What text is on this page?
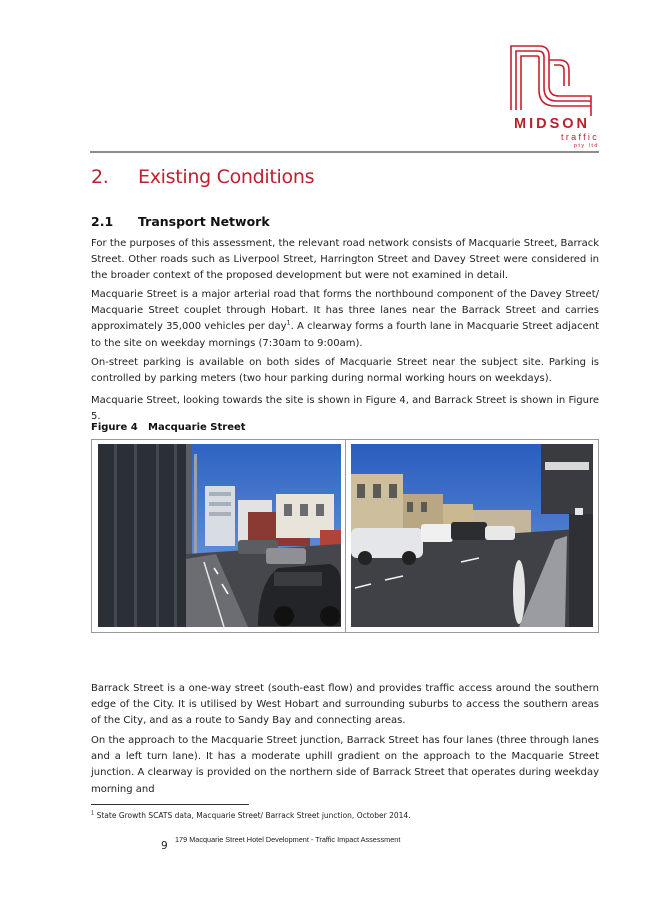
MIDSON
traffic
pty ltd
2. Existing Conditions
2.1 Transport Network

For the purposes of this assessment, the relevant road network consists of Macquarie Street, Barrack Street. Other roads such as Liverpool Street, Harrington Street and Davey Street were considered in the broader context of the proposed development but were not examined in detail.

Macquarie Street is a major arterial road that forms the northbound component of the Davey Street/ Macquarie Street couplet through Hobart. It has three lanes near the Barrack Street and carries approximately 35,000 vehicles per day$^1$. A clearway forms a fourth lane in Macquarie Street adjacent to the site on weekday mornings (7:30am to 9:00am).

On-street parking is available on both sides of Macquarie Street near the subject site. Parking is controlled by parking meters (two hour parking during normal working hours on weekdays).

Macquarie Street, looking towards the site is shown in Figure 4, and Barrack Street is shown in Figure 5.

Figure 4 Macquarie Street

Barrack Street is a one-way street (south-east flow) and provides traffic access around the southern edge of the City. It is utilised by West Hobart and surrounding suburbs to access the southern areas of the City, and as a route to Sandy Bay and connecting areas.

On the approach to the Macquarie Street junction, Barrack Street has four lanes (three through lanes and a left turn lane). It has a moderate uphill gradient on the approach to the Macquarie Street junction. A clearway is provided on the northern side of Barrack Street that operates during weekday morning and

$^1$ State Growth SCATS data, Macquarie Street/ Barrack Street junction, October 2014.
9
179 Macquarie Street Hotel Development - Traffic Impact Assessment
